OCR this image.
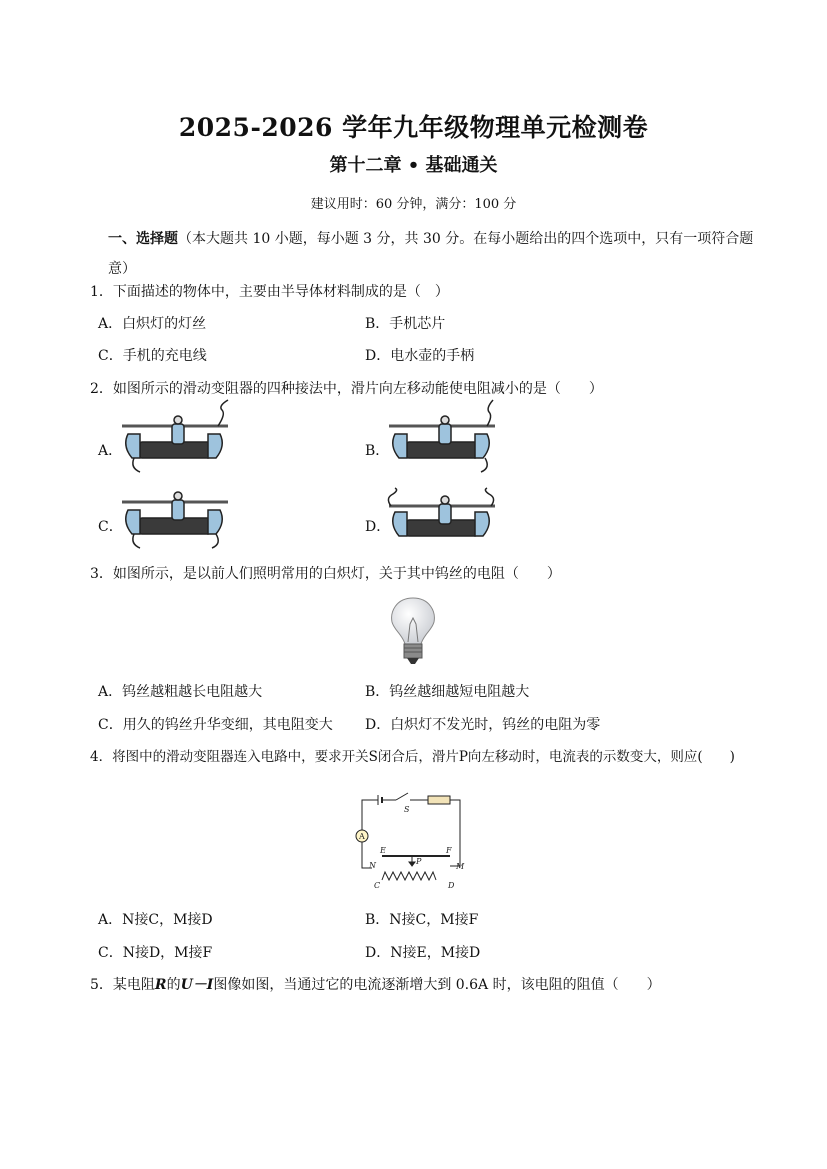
2025-2026 学年九年级物理单元检测卷
第十二章 • 基础通关
建议用时：60 分钟，满分：100 分
一、选择题（本大题共 10 小题，每小题 3 分，共 30 分。在每小题给出的四个选项中，只有一项符合题意）
1．下面描述的物体中，主要由半导体材料制成的是（　）
A．白炽灯的灯丝	B．手机芯片
C．手机的充电线	D．电水壶的手柄
2．如图所示的滑动变阻器的四种接法中，滑片向左移动能使电阻减小的是（　　）
A．	B．
C．	D．
3．如图所示，是以前人们照明常用的白炽灯，关于其中钨丝的电阻（　　）
A．钨丝越粗越长电阻越大	B．钨丝越细越短电阻越大
C．用久的钨丝升华变细，其电阻变大 D．白炽灯不发光时，钨丝的电阻为零
4．将图中的滑动变阻器连入电路中，要求开关S闭合后，滑片P向左移动时，电流表的示数变大，则应(　　)
S
A
N	M
E	F
P
C	D
A．N接C，M接D	B．N接C，M接F
C．N接D，M接F	D．N接E，M接D
5．某电阻R的U－I图像如图，当通过它的电流逐渐增大到 0.6A 时，该电阻的阻值（　　）
